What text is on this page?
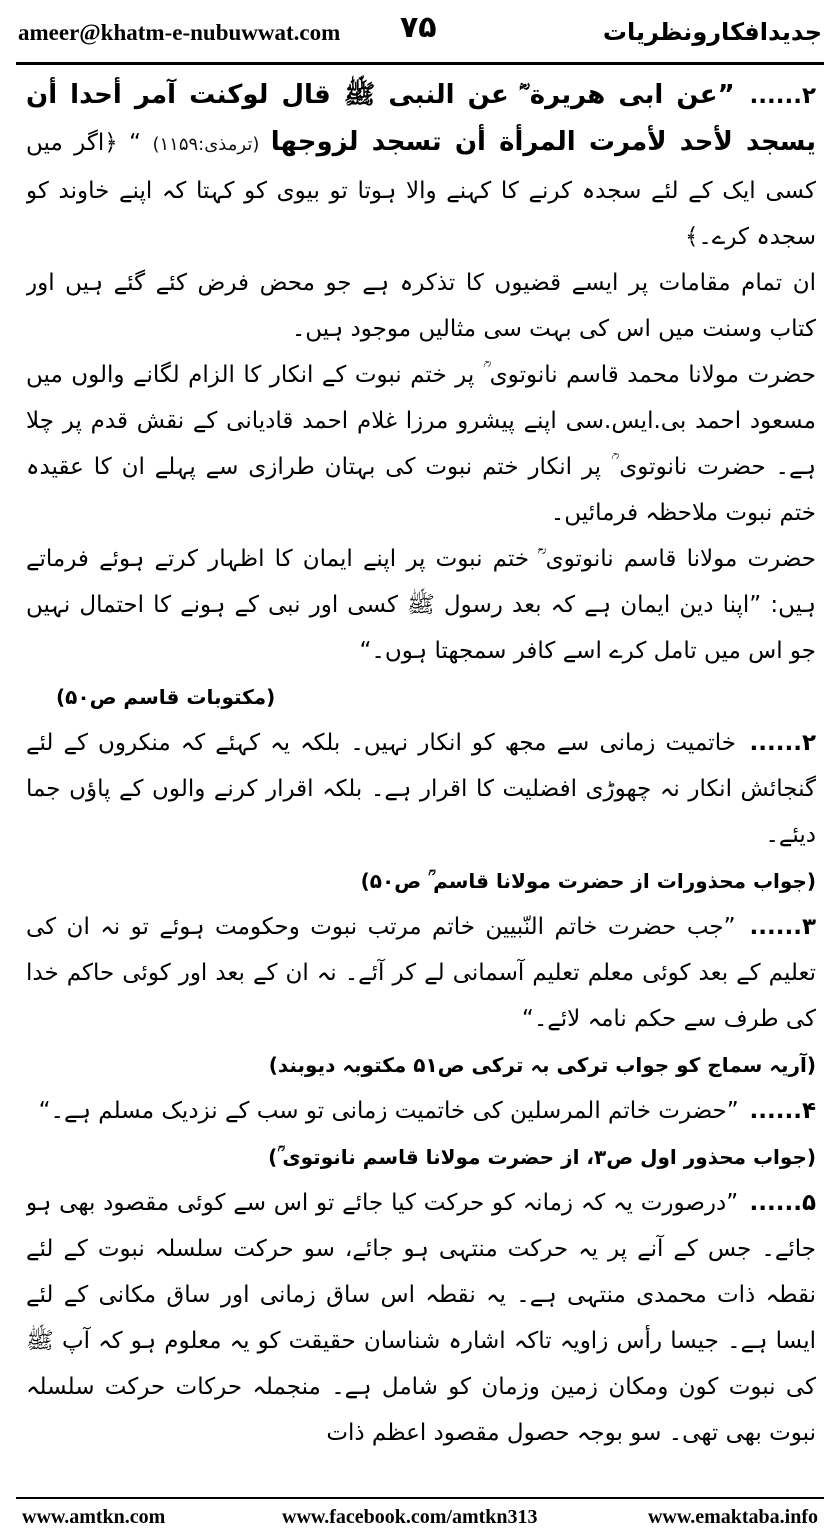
ameer@khatm-e-nubuwwat.com ۷۵	جدیدافکارونظریات

۲...... ”عن ابی هریرة ؓ عن النبی ﷺ قال لوکنت آمر أحدا أن یسجد لأحد لأمرت المرأة أن تسجد لزوجها (ترمذی:۱۱۵۹) “ ﴿اگر میں کسی ایک کے لئے سجدہ کرنے کا کہنے والا ہوتا تو بیوی کو کہتا کہ اپنے خاوند کو سجدہ کرے۔﴾

ان تمام مقامات پر ایسے قضیوں کا تذکرہ ہے جو محض فرض کئے گئے ہیں اور کتاب وسنت میں اس کی بہت سی مثالیں موجود ہیں۔

حضرت مولانا محمد قاسم نانوتوی ؒ پر ختم نبوت کے انکار کا الزام لگانے والوں میں مسعود احمد بی.ایس.سی اپنے پیشرو مرزا غلام احمد قادیانی کے نقش قدم پر چلا ہے۔ حضرت نانوتوی ؒ پر انکار ختم نبوت کی بہتان طرازی سے پہلے ان کا عقیدہ ختم نبوت ملاحظہ فرمائیں۔

حضرت مولانا قاسم نانوتوی ؒ ختم نبوت پر اپنے ایمان کا اظہار کرتے ہوئے فرماتے ہیں: ”اپنا دین ایمان ہے کہ بعد رسول ﷺ کسی اور نبی کے ہونے کا احتمال نہیں جو اس میں تامل کرے اسے کافر سمجھتا ہوں۔“

(مکتوبات قاسم ص۵۰)

۲...... خاتمیت زمانی سے مجھ کو انکار نہیں۔ بلکہ یہ کہئے کہ منکروں کے لئے گنجائش انکار نہ چھوڑی افضلیت کا اقرار ہے۔ بلکہ اقرار کرنے والوں کے پاؤں جما دیئے۔

(جواب محذورات از حضرت مولانا قاسم ؒ ص۵۰)

۳...... ”جب حضرت خاتم النّبیین خاتم مرتب نبوت وحکومت ہوئے تو نہ ان کی تعلیم کے بعد کوئی معلم تعلیم آسمانی لے کر آئے۔ نہ ان کے بعد اور کوئی حاکم خدا کی طرف سے حکم نامہ لائے۔“

(آریہ سماج کو جواب ترکی بہ ترکی ص۵۱ مکتوبہ دیوبند)

۴...... ”حضرت خاتم المرسلین کی خاتمیت زمانی تو سب کے نزدیک مسلم ہے۔“

(جواب محذور اول ص۳، از حضرت مولانا قاسم نانوتوی ؒ)

۵...... ”درصورت یہ کہ زمانہ کو حرکت کیا جائے تو اس سے کوئی مقصود بھی ہو جائے۔ جس کے آنے پر یہ حرکت منتہی ہو جائے، سو حرکت سلسلہ نبوت کے لئے نقطہ ذات محمدی منتہی ہے۔ یہ نقطہ اس ساق زمانی اور ساق مکانی کے لئے ایسا ہے۔ جیسا رأس زاویہ تاکہ اشارہ شناسان حقیقت کو یہ معلوم ہو کہ آپ ﷺ کی نبوت کون ومکان زمین وزمان کو شامل ہے۔ منجملہ حرکات حرکت سلسلہ نبوت بھی تھی۔ سو بوجہ حصول مقصود اعظم ذات

www.amtkn.com	www.facebook.com/amtkn313	www.emaktaba.info
